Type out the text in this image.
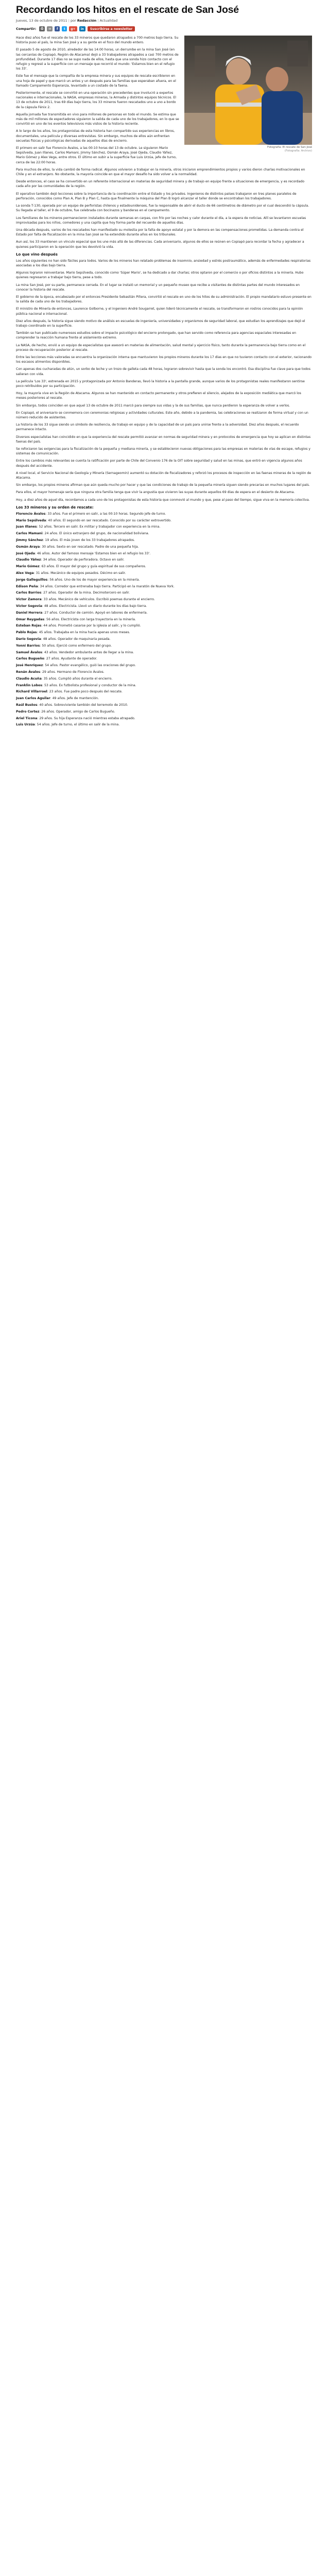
Recordando los hitos en el rescate de San José
Jueves, 13 de octubre de 2011 | por Redacción | Actualidad
Compartir:	⎙	✉	f	t	g+	in	Suscribirse a newsletter
Fotografía: El rescate de San José
(Fotografía: Archivo)

Hace diez años fue el rescate de los 33 mineros que quedaron atrapados a 700 metros bajo tierra. Su historia puso al país, la mina San José y a su gente en el foco del mundo entero.

El pasado 5 de agosto de 2010, alrededor de las 14:00 horas, un derrumbe en la mina San José (en las cercanías de Copiapó, Región de Atacama) dejó a 33 trabajadores atrapados a casi 700 metros de profundidad. Durante 17 días no se supo nada de ellos, hasta que una sonda hizo contacto con el refugio y regresó a la superficie con un mensaje que recorrió el mundo: 'Estamos bien en el refugio los 33'.

Este fue el mensaje que la compañía de la empresa minera y sus equipos de rescate escribieron en una hoja de papel y que marcó un antes y un después para las familias que esperaban afuera, en el llamado Campamento Esperanza, levantado a un costado de la faena.

Posteriormente, el rescate se convirtió en una operación sin precedentes que involucró a expertos nacionales e internacionales, la NASA, empresas mineras, la Armada y distintos equipos técnicos. El 13 de octubre de 2011, tras 69 días bajo tierra, los 33 mineros fueron rescatados uno a uno a bordo de la cápsula Fénix 2.

Aquella jornada fue transmitida en vivo para millones de personas en todo el mundo. Se estima que más de mil millones de espectadores siguieron la salida de cada uno de los trabajadores, en lo que se convirtió en uno de los eventos televisivos más vistos de la historia reciente.

A lo largo de los años, los protagonistas de esta historia han compartido sus experiencias en libros, documentales, una película y diversas entrevistas. Sin embargo, muchos de ellos aún enfrentan secuelas físicas y psicológicas derivadas de aquellos días de encierro.

El primero en salir fue Florencio Ávalos, a las 00:10 horas del 13 de octubre. Le siguieron Mario Sepúlveda, Juan Illanes, Carlos Mamani, Jimmy Sánchez, Osmán Araya, José Ojeda, Claudio Yáñez, Mario Gómez y Alex Vega, entre otros. El último en subir a la superficie fue Luis Urzúa, jefe de turno, cerca de las 22:00 horas.

Para muchos de ellos, la vida cambió de forma radical. Algunos volvieron a trabajar en la minería, otros iniciaron emprendimientos propios y varios dieron charlas motivacionales en Chile y en el extranjero. No obstante, la mayoría coincide en que el mayor desafío ha sido volver a la normalidad.

Desde entonces, el caso se ha convertido en un referente internacional en materias de seguridad minera y de trabajo en equipo frente a situaciones de emergencia, y es recordado cada año por las comunidades de la región.

El operativo también dejó lecciones sobre la importancia de la coordinación entre el Estado y los privados. Ingenieros de distintos países trabajaron en tres planes paralelos de perforación, conocidos como Plan A, Plan B y Plan C, hasta que finalmente la máquina del Plan B logró alcanzar el taller donde se encontraban los trabajadores.

La sonda T-130, operada por un equipo de perforistas chilenos y estadounidenses, fue la responsable de abrir el ducto de 66 centímetros de diámetro por el cual descendió la cápsula. Su llegada al taller, el 9 de octubre, fue celebrada con bocinazos y banderas en el campamento.

Los familiares de los mineros permanecieron instalados durante semanas en carpas, con frío por las noches y calor durante el día, a la espera de noticias. Allí se levantaron escuelas improvisadas para los niños, comedores y una capilla que hoy forma parte del recuerdo de aquellos días.

Una década después, varios de los rescatados han manifestado su molestia por la falta de apoyo estatal y por la demora en las compensaciones prometidas. La demanda contra el Estado por falta de fiscalización en la mina San José se ha extendido durante años en los tribunales.

Aun así, los 33 mantienen un vínculo especial que los une más allá de las diferencias. Cada aniversario, algunos de ellos se reúnen en Copiapó para recordar la fecha y agradecer a quienes participaron en la operación que les devolvió la vida.

Lo que vino después

Los años siguientes no han sido fáciles para todos. Varios de los mineros han relatado problemas de insomnio, ansiedad y estrés postraumático, además de enfermedades respiratorias asociadas a los días bajo tierra.

Algunos lograron reinventarse. Mario Sepúlveda, conocido como 'Súper Mario', se ha dedicado a dar charlas; otros optaron por el comercio o por oficios distintos a la minería. Hubo quienes regresaron a trabajar bajo tierra, pese a todo.

La mina San José, por su parte, permanece cerrada. En el lugar se instaló un memorial y un pequeño museo que recibe a visitantes de distintas partes del mundo interesados en conocer la historia del rescate.

El gobierno de la época, encabezado por el entonces Presidente Sebastián Piñera, convirtió el rescate en uno de los hitos de su administración. El propio mandatario estuvo presente en la salida de cada uno de los trabajadores.

El ministro de Minería de entonces, Laurence Golborne, y el ingeniero André Sougarret, quien lideró técnicamente el rescate, se transformaron en rostros conocidos para la opinión pública nacional e internacional.

Diez años después, la historia sigue siendo motivo de análisis en escuelas de ingeniería, universidades y organismos de seguridad laboral, que estudian los aprendizajes que dejó el trabajo coordinado en la superficie.

También se han publicado numerosos estudios sobre el impacto psicológico del encierro prolongado, que han servido como referencia para agencias espaciales interesadas en comprender la reacción humana frente al aislamiento extremo.

La NASA, de hecho, envió a un equipo de especialistas que asesoró en materias de alimentación, salud mental y ejercicio físico, tanto durante la permanencia bajo tierra como en el proceso de recuperación posterior al rescate.

Entre las lecciones más valoradas se encuentra la organización interna que mantuvieron los propios mineros durante los 17 días en que no tuvieron contacto con el exterior, racionando los escasos alimentos disponibles.

Con apenas dos cucharadas de atún, un sorbo de leche y un trozo de galleta cada 48 horas, lograron sobrevivir hasta que la sonda los encontró. Esa disciplina fue clave para que todos salieran con vida.

La película 'Los 33', estrenada en 2015 y protagonizada por Antonio Banderas, llevó la historia a la pantalla grande, aunque varios de los protagonistas reales manifestaron sentirse poco retribuidos por su participación.

Hoy, la mayoría vive en la Región de Atacama. Algunos se han mantenido en contacto permanente y otros prefieren el silencio, alejados de la exposición mediática que marcó los meses posteriores al rescate.

Sin embargo, todos coinciden en que aquel 13 de octubre de 2011 marcó para siempre sus vidas y la de sus familias, que nunca perdieron la esperanza de volver a verlos.

En Copiapó, el aniversario se conmemora con ceremonias religiosas y actividades culturales. Este año, debido a la pandemia, las celebraciones se realizaron de forma virtual y con un número reducido de asistentes.

La historia de los 33 sigue siendo un símbolo de resiliencia, de trabajo en equipo y de la capacidad de un país para unirse frente a la adversidad. Diez años después, el recuerdo permanece intacto.

Diversos especialistas han coincidido en que la experiencia del rescate permitió avanzar en normas de seguridad minera y en protocolos de emergencia que hoy se aplican en distintas faenas del país.

Se reforzaron las exigencias para la fiscalización de la pequeña y mediana minería, y se establecieron nuevas obligaciones para las empresas en materias de vías de escape, refugios y sistemas de comunicación.

Entre los cambios más relevantes se cuenta la ratificación por parte de Chile del Convenio 176 de la OIT sobre seguridad y salud en las minas, que entró en vigencia algunos años después del accidente.

A nivel local, el Servicio Nacional de Geología y Minería (Sernageomin) aumentó su dotación de fiscalizadores y reforzó los procesos de inspección en las faenas mineras de la región de Atacama.

Sin embargo, los propios mineros afirman que aún queda mucho por hacer y que las condiciones de trabajo de la pequeña minería siguen siendo precarias en muchos lugares del país.

Para ellos, el mayor homenaje sería que ninguna otra familia tenga que vivir la angustia que vivieron las suyas durante aquellos 69 días de espera en el desierto de Atacama.

Hoy, a diez años de aquel día, recordamos a cada uno de los protagonistas de esta historia que conmovió al mundo y que, pese al paso del tiempo, sigue viva en la memoria colectiva.

Los 33 mineros y su orden de rescate:

Florencio Ávalos: 33 años. Fue el primero en salir, a las 00:10 horas. Segundo jefe de turno.

Mario Sepúlveda: 40 años. El segundo en ser rescatado. Conocido por su carácter extrovertido.

Juan Illanes: 52 años. Tercero en salir. Ex militar y trabajador con experiencia en la mina.

Carlos Mamani: 24 años. El único extranjero del grupo, de nacionalidad boliviana.

Jimmy Sánchez: 19 años. El más joven de los 33 trabajadores atrapados.

Osmán Araya: 30 años. Sexto en ser rescatado. Padre de una pequeña hija.

José Ojeda: 46 años. Autor del famoso mensaje 'Estamos bien en el refugio los 33'.

Claudio Yáñez: 34 años. Operador de perforadora. Octavo en salir.

Mario Gómez: 63 años. El mayor del grupo y guía espiritual de sus compañeros.

Alex Vega: 31 años. Mecánico de equipos pesados. Décimo en salir.

Jorge Galleguillos: 56 años. Uno de los de mayor experiencia en la minería.

Edison Peña: 34 años. Corredor que entrenaba bajo tierra. Participó en la maratón de Nueva York.

Carlos Barrios: 27 años. Operador de la mina. Decimotercero en salir.

Víctor Zamora: 33 años. Mecánico de vehículos. Escribió poemas durante el encierro.

Víctor Segovia: 48 años. Electricista. Llevó un diario durante los días bajo tierra.

Daniel Herrera: 27 años. Conductor de camión. Apoyó en labores de enfermería.

Omar Reygadas: 56 años. Electricista con larga trayectoria en la minería.

Esteban Rojas: 44 años. Prometió casarse por la iglesia al salir, y lo cumplió.

Pablo Rojas: 45 años. Trabajaba en la mina hacía apenas unos meses.

Darío Segovia: 48 años. Operador de maquinaria pesada.

Yonni Barrios: 50 años. Ejerció como enfermero del grupo.

Samuel Ávalos: 43 años. Vendedor ambulante antes de llegar a la mina.

Carlos Bugueño: 27 años. Ayudante de operador.

José Henríquez: 54 años. Pastor evangélico, guió las oraciones del grupo.

Renán Ávalos: 29 años. Hermano de Florencio Ávalos.

Claudio Acuña: 35 años. Cumplió años durante el encierro.

Franklin Lobos: 53 años. Ex futbolista profesional y conductor de la mina.

Richard Villarroel: 23 años. Fue padre poco después del rescate.

Juan Carlos Aguilar: 49 años. Jefe de mantención.

Raúl Bustos: 40 años. Sobreviviente también del terremoto de 2010.

Pedro Cortez: 26 años. Operador, amigo de Carlos Bugueño.

Ariel Ticona: 29 años. Su hija Esperanza nació mientras estaba atrapado.

Luis Urzúa: 54 años. Jefe de turno, el último en salir de la mina.
